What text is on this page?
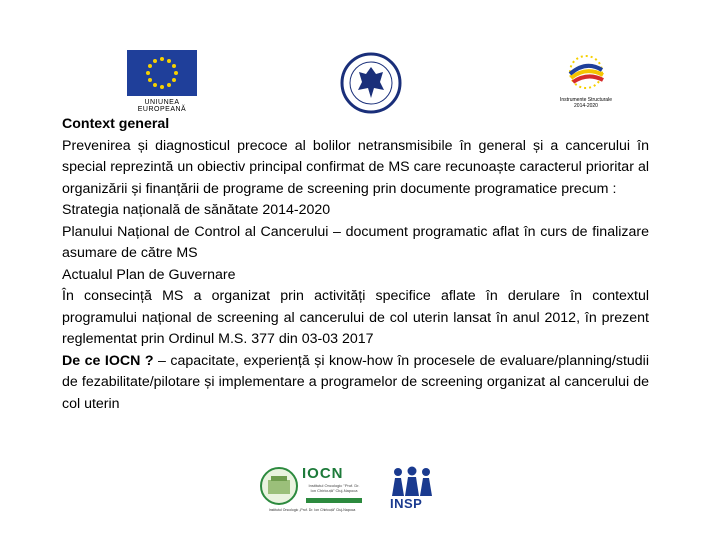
UNIUNEA EUROPEANĂ
Instrumente Structurale
2014-2020

Context general

Prevenirea și diagnosticul precoce al bolilor netransmisibile în general și a cancerului în special reprezintă un obiectiv principal confirmat de MS care recunoaște caracterul prioritar al organizării și finanțării de programe de screening prin documente programatice precum :

Strategia națională de sănătate 2014-2020

Planului Național de Control al Cancerului – document programatic aflat în curs de finalizare asumare de către MS

Actualul Plan de Guvernare

În consecință MS a organizat prin activități specifice aflate în derulare în contextul programului național de screening al cancerului de col uterin lansat în anul 2012, în prezent reglementat prin Ordinul M.S. 377 din 03-03 2017

De ce IOCN ? – capacitate, experiență și know-how în procesele de evaluare/planning/studii de fezabilitate/pilotare și implementare a programelor de screening organizat al cancerului de col uterin

IOCN
Institutul Oncologic "Prof. Dr. Ion Chiricuță" Cluj-Napoca
Institutul Oncologic „Prof. Dr. Ion Chiricuță” Cluj-Napoca	INSP
